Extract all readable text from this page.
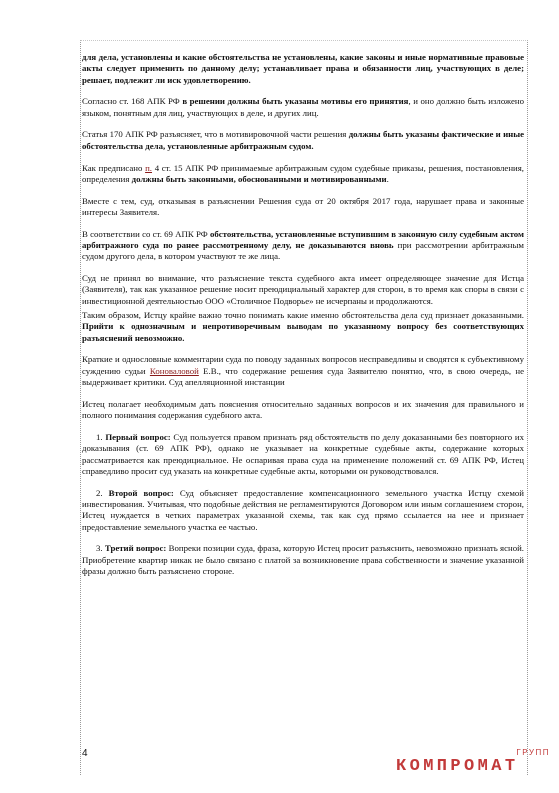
для дела, установлены и какие обстоятельства не установлены, какие законы и иные нормативные правовые акты следует применить по данному делу; устанавливает права и обязанности лиц, участвующих в деле; решает, подлежит ли иск удовлетворению.

Согласно ст. 168 АПК РФ в решении должны быть указаны мотивы его принятия, и оно должно быть изложено языком, понятным для лиц, участвующих в деле, и других лиц.

Статья 170 АПК РФ разъясняет, что в мотивировочной части решения должны быть указаны фактические и иные обстоятельства дела, установленные арбитражным судом.

Как предписано п. 4 ст. 15 АПК РФ принимаемые арбитражным судом судебные приказы, решения, постановления, определения должны быть законными, обоснованными и мотивированными.

Вместе с тем, суд, отказывая в разъяснении Решения суда от 20 октября 2017 года, нарушает права и законные интересы Заявителя.

В соответствии со ст. 69 АПК РФ обстоятельства, установленные вступившим в законную силу судебным актом арбитражного суда по ранее рассмотренному делу, не доказываются вновь при рассмотрении арбитражным судом другого дела, в котором участвуют те же лица.

Суд не принял во внимание, что разъяснение текста судебного акта имеет определяющее значение для Истца (Заявителя), так как указанное решение носит преюдициальный характер для сторон, в то время как споры в связи с инвестиционной деятельностью ООО «Столичное Подворье» не исчерпаны и продолжаются.

Таким образом, Истцу крайне важно точно понимать какие именно обстоятельства дела суд признает доказанными. Прийти к однозначным и непротиворечивым выводам по указанному вопросу без соответствующих разъяснений невозможно.

Краткие и однословные комментарии суда по поводу заданных вопросов несправедливы и сводятся к субъективному суждению судьи Коноваловой Е.В., что содержание решения суда Заявителю понятно, что, в свою очередь, не выдерживает критики. Суд апелляционной инстанции

Истец полагает необходимым дать пояснения относительно заданных вопросов и их значения для правильного и полного понимания содержания судебного акта.

1. Первый вопрос: Суд пользуется правом признать ряд обстоятельств по делу доказанными без повторного их доказывания (ст. 69 АПК РФ), однако не указывает на конкретные судебные акты, содержание которых рассматривается как преюдициальное. Не оспаривая права суда на применение положений ст. 69 АПК РФ, Истец справедливо просит суд указать на конкретные судебные акты, которыми он руководствовался.

2. Второй вопрос: Суд объясняет предоставление компенсационного земельного участка Истцу схемой инвестирования. Учитывая, что подобные действия не регламентируются Договором или иным соглашением сторон, Истец нуждается в четких параметрах указанной схемы, так как суд прямо ссылается на нее и признает предоставление земельного участка ее частью.

3. Третий вопрос: Вопреки позиции суда, фраза, которую Истец просит разъяснить, невозможно признать ясной. Приобретение квартир никак не было связано с платой за возникновение права собственности и значение указанной фразы должно быть разъяснено стороне.

4	ГРУПП
КОМПРОМАТ
